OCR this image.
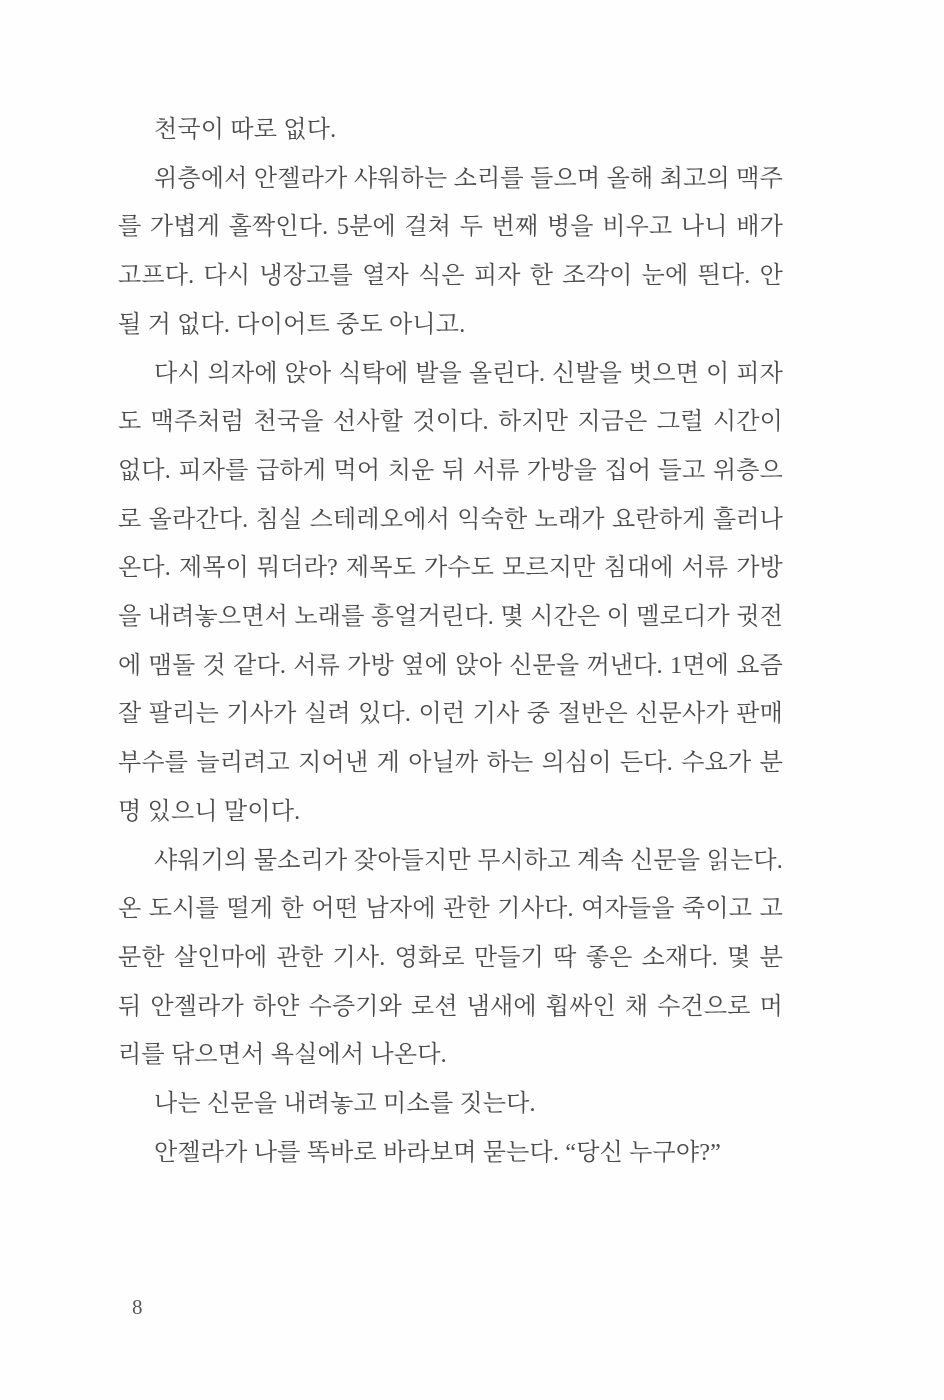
천국이 따로 없다.

위층에서 안젤라가 샤워하는 소리를 들으며 올해 최고의 맥주
를 가볍게 홀짝인다. 5분에 걸쳐 두 번째 병을 비우고 나니 배가
고프다. 다시 냉장고를 열자 식은 피자 한 조각이 눈에 띈다. 안
될 거 없다. 다이어트 중도 아니고.

다시 의자에 앉아 식탁에 발을 올린다. 신발을 벗으면 이 피자
도 맥주처럼 천국을 선사할 것이다. 하지만 지금은 그럴 시간이
없다. 피자를 급하게 먹어 치운 뒤 서류 가방을 집어 들고 위층으
로 올라간다. 침실 스테레오에서 익숙한 노래가 요란하게 흘러나
온다. 제목이 뭐더라? 제목도 가수도 모르지만 침대에 서류 가방
을 내려놓으면서 노래를 흥얼거린다. 몇 시간은 이 멜로디가 귓전
에 맴돌 것 같다. 서류 가방 옆에 앉아 신문을 꺼낸다. 1면에 요즘
잘 팔리는 기사가 실려 있다. 이런 기사 중 절반은 신문사가 판매
부수를 늘리려고 지어낸 게 아닐까 하는 의심이 든다. 수요가 분
명 있으니 말이다.

샤워기의 물소리가 잦아들지만 무시하고 계속 신문을 읽는다.
온 도시를 떨게 한 어떤 남자에 관한 기사다. 여자들을 죽이고 고
문한 살인마에 관한 기사. 영화로 만들기 딱 좋은 소재다. 몇 분
뒤 안젤라가 하얀 수증기와 로션 냄새에 휩싸인 채 수건으로 머
리를 닦으면서 욕실에서 나온다.

나는 신문을 내려놓고 미소를 짓는다.

안젤라가 나를 똑바로 바라보며 묻는다. “당신 누구야?”

8
